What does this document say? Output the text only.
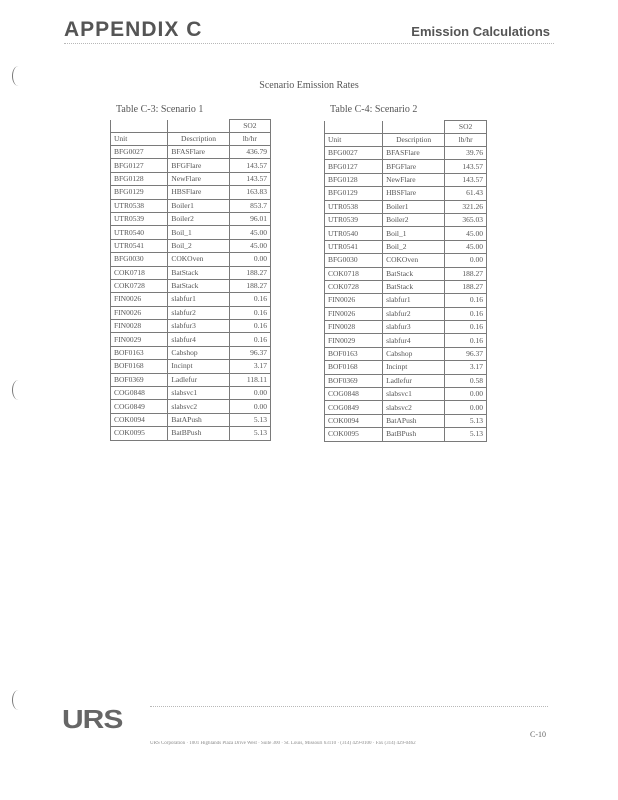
APPENDIX C	Emission Calculations
Scenario Emission Rates
Table C-3: Scenario 1	Table C-4: Scenario 2
		SO2
Unit	Description	lb/hr
BFG0027	BFASFlare	436.79
BFG0127	BFGFlare	143.57
BFG0128	NewFlare	143.57
BFG0129	HBSFlare	163.83
UTR0538	Boiler1	853.7
UTR0539	Boiler2	96.01
UTR0540	Boil_1	45.00
UTR0541	Boil_2	45.00
BFG0030	COKOven	0.00
COK0718	BatStack	188.27
COK0728	BatStack	188.27
FIN0026	slabfur1	0.16
FIN0026	slabfur2	0.16
FIN0028	slabfur3	0.16
FIN0029	slabfur4	0.16
BOF0163	Cabshop	96.37
BOF0168	Incinpt	3.17
BOF0369	Ladlefur	118.11
COG0848	slabsvc1	0.00
COG0849	slabsvc2	0.00
COK0094	BatAPush	5.13
COK0095	BatBPush	5.13
		SO2
Unit	Description	lb/hr
BFG0027	BFASFlare	39.76
BFG0127	BFGFlare	143.57
BFG0128	NewFlare	143.57
BFG0129	HBSFlare	61.43
UTR0538	Boiler1	321.26
UTR0539	Boiler2	365.03
UTR0540	Boil_1	45.00
UTR0541	Boil_2	45.00
BFG0030	COKOven	0.00
COK0718	BatStack	188.27
COK0728	BatStack	188.27
FIN0026	slabfur1	0.16
FIN0026	slabfur2	0.16
FIN0028	slabfur3	0.16
FIN0029	slabfur4	0.16
BOF0163	Cabshop	96.37
BOF0168	Incinpt	3.17
BOF0369	Ladlefur	0.58
COG0848	slabsvc1	0.00
COG0849	slabsvc2	0.00
COK0094	BatAPush	5.13
COK0095	BatBPush	5.13
URS
C-10
URS Corporation · 1001 Highlands Plaza Drive West · Suite 300 · St. Louis, Missouri 63110 · (314) 429-0100 · Fax (314) 429-0462
